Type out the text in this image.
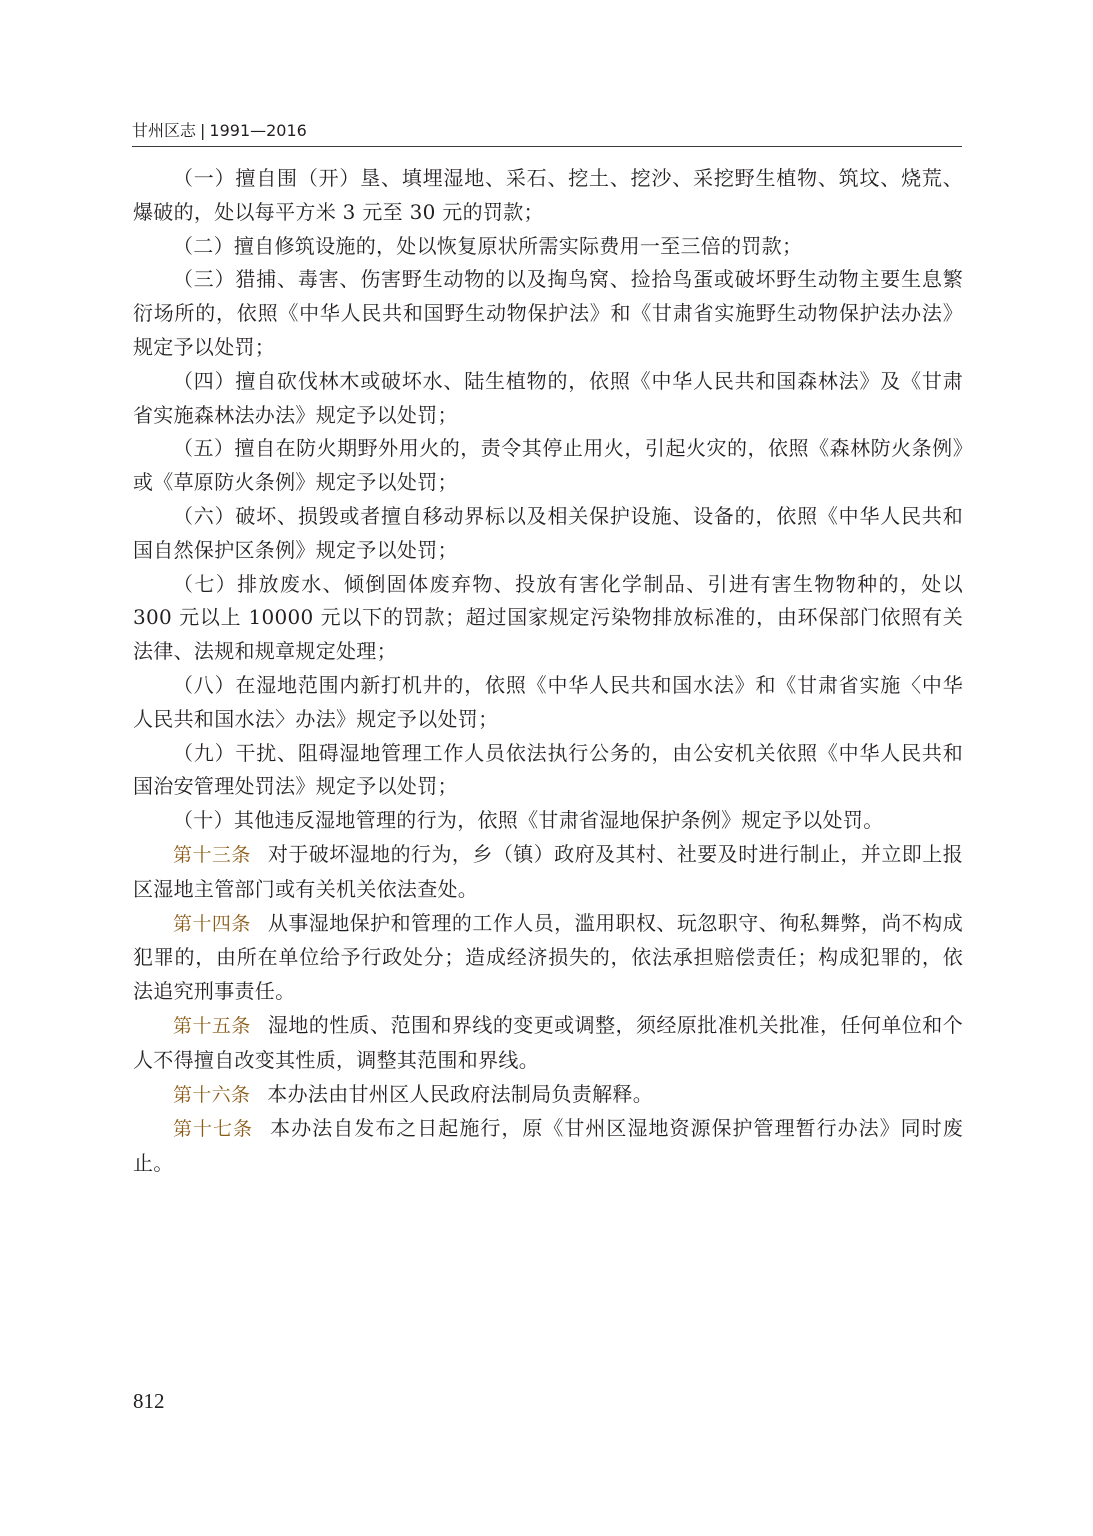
甘州区志 | 1991—2016

（一）擅自围（开）垦、填埋湿地、采石、挖土、挖沙、采挖野生植物、筑坟、烧荒、爆破的，处以每平方米 3 元至 30 元的罚款；

（二）擅自修筑设施的，处以恢复原状所需实际费用一至三倍的罚款；

（三）猎捕、毒害、伤害野生动物的以及掏鸟窝、捡拾鸟蛋或破坏野生动物主要生息繁衍场所的，依照《中华人民共和国野生动物保护法》和《甘肃省实施野生动物保护法办法》规定予以处罚；

（四）擅自砍伐林木或破坏水、陆生植物的，依照《中华人民共和国森林法》及《甘肃省实施森林法办法》规定予以处罚；

（五）擅自在防火期野外用火的，责令其停止用火，引起火灾的，依照《森林防火条例》或《草原防火条例》规定予以处罚；

（六）破坏、损毁或者擅自移动界标以及相关保护设施、设备的，依照《中华人民共和国自然保护区条例》规定予以处罚；

（七）排放废水、倾倒固体废弃物、投放有害化学制品、引进有害生物物种的，处以 300 元以上 10000 元以下的罚款；超过国家规定污染物排放标准的，由环保部门依照有关法律、法规和规章规定处理；

（八）在湿地范围内新打机井的，依照《中华人民共和国水法》和《甘肃省实施〈中华人民共和国水法〉办法》规定予以处罚；

（九）干扰、阻碍湿地管理工作人员依法执行公务的，由公安机关依照《中华人民共和国治安管理处罚法》规定予以处罚；

（十）其他违反湿地管理的行为，依照《甘肃省湿地保护条例》规定予以处罚。

第十三条 对于破坏湿地的行为，乡（镇）政府及其村、社要及时进行制止，并立即上报区湿地主管部门或有关机关依法查处。

第十四条 从事湿地保护和管理的工作人员，滥用职权、玩忽职守、徇私舞弊，尚不构成犯罪的，由所在单位给予行政处分；造成经济损失的，依法承担赔偿责任；构成犯罪的，依法追究刑事责任。

第十五条 湿地的性质、范围和界线的变更或调整，须经原批准机关批准，任何单位和个人不得擅自改变其性质，调整其范围和界线。

第十六条 本办法由甘州区人民政府法制局负责解释。

第十七条 本办法自发布之日起施行，原《甘州区湿地资源保护管理暂行办法》同时废止。

812
